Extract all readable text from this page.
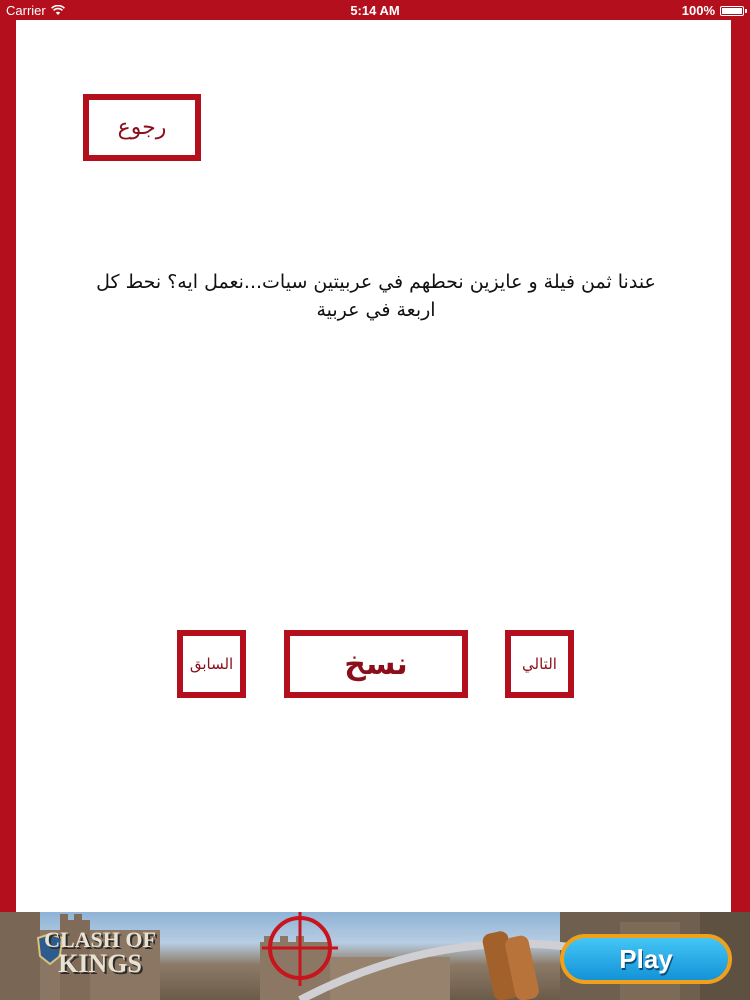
Carrier	5:14 AM	100%
رجوع
عندنا ثمن فيلة و عايزين نحطهم في عربيتين سيات...نعمل ايه؟ نحط كل اربعة في عربية
السابق	نسخ	التالي
CLASH OF
KINGS	Play
